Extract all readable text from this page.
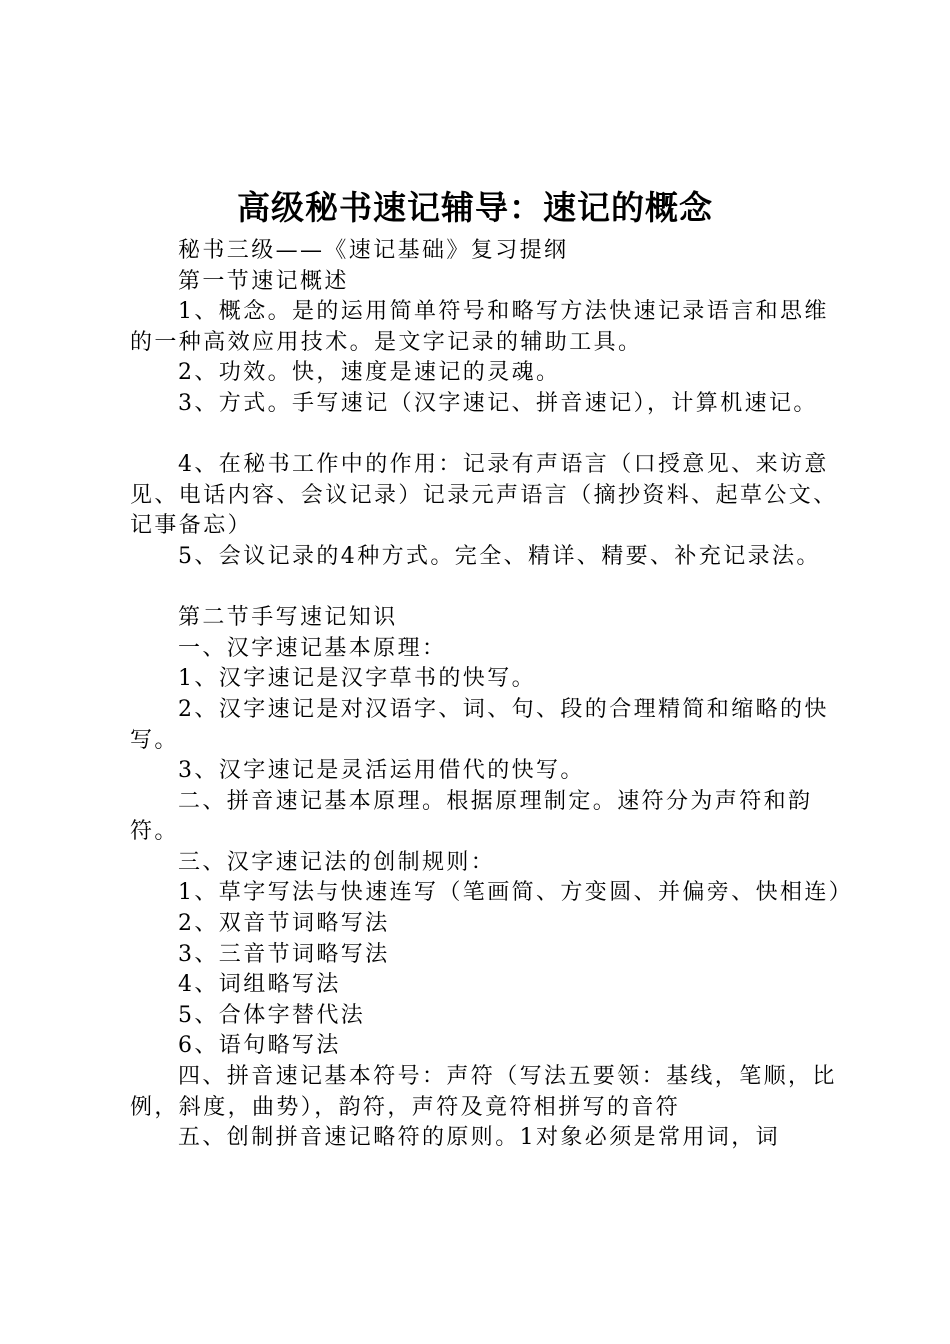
高级秘书速记辅导：速记的概念

秘书三级——《速记基础》复习提纲

第一节速记概述

1、概念。是的运用简单符号和略写方法快速记录语言和思维的一种高效应用技术。是文字记录的辅助工具。

2、功效。快，速度是速记的灵魂。

3、方式。手写速记（汉字速记、拼音速记），计算机速记。

4、在秘书工作中的作用：记录有声语言（口授意见、来访意见、电话内容、会议记录）记录元声语言（摘抄资料、起草公文、记事备忘）

5、会议记录的4种方式。完全、精详、精要、补充记录法。

第二节手写速记知识

一、汉字速记基本原理：

1、汉字速记是汉字草书的快写。

2、汉字速记是对汉语字、词、句、段的合理精简和缩略的快写。

3、汉字速记是灵活运用借代的快写。

二、拼音速记基本原理。根据原理制定。速符分为声符和韵符。

三、汉字速记法的创制规则：

1、草字写法与快速连写（笔画简、方变圆、并偏旁、快相连）

2、双音节词略写法

3、三音节词略写法

4、词组略写法

5、合体字替代法

6、语句略写法

四、拼音速记基本符号：声符（写法五要领：基线，笔顺，比例，斜度，曲势），韵符，声符及竟符相拼写的音符

五、创制拼音速记略符的原则。1对象必须是常用词，词
